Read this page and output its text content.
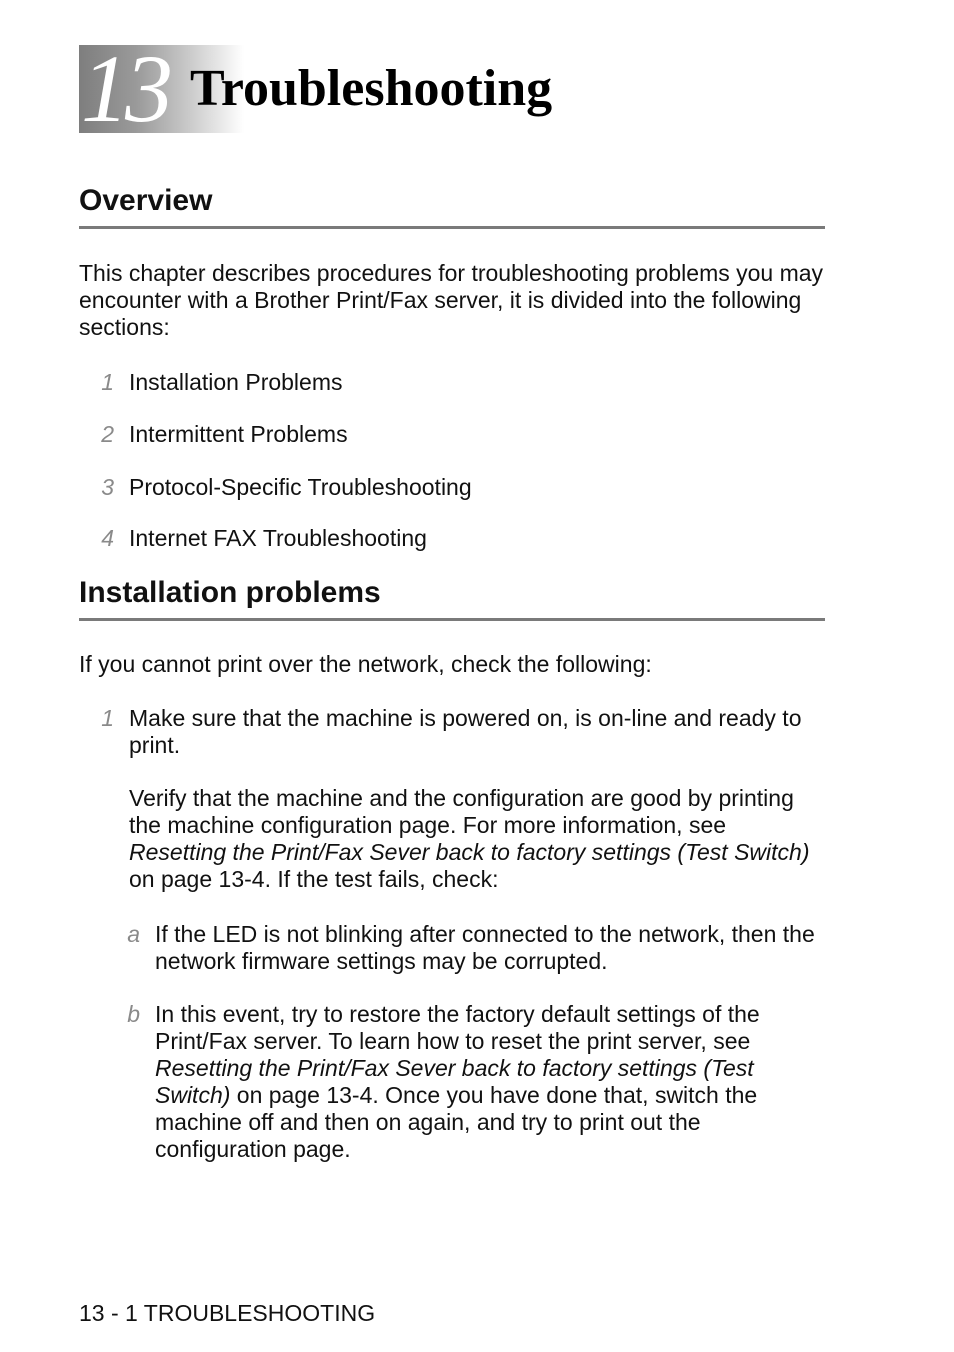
13 Troubleshooting
Overview

This chapter describes procedures for troubleshooting problems you may encounter with a Brother Print/Fax server, it is divided into the following sections:

1 Installation Problems
2 Intermittent Problems
3 Protocol-Specific Troubleshooting
4 Internet FAX Troubleshooting
Installation problems

If you cannot print over the network, check the following:

1 Make sure that the machine is powered on, is on-line and ready to print.
Verify that the machine and the configuration are good by printing the machine configuration page. For more information, see Resetting the Print/Fax Sever back to factory settings (Test Switch) on page 13-4. If the test fails, check:
a If the LED is not blinking after connected to the network, then the network firmware settings may be corrupted.
b In this event, try to restore the factory default settings of the Print/Fax server. To learn how to reset the print server, see Resetting the Print/Fax Sever back to factory settings (Test Switch) on page 13-4. Once you have done that, switch the machine off and then on again, and try to print out the configuration page.
13 - 1 TROUBLESHOOTING
